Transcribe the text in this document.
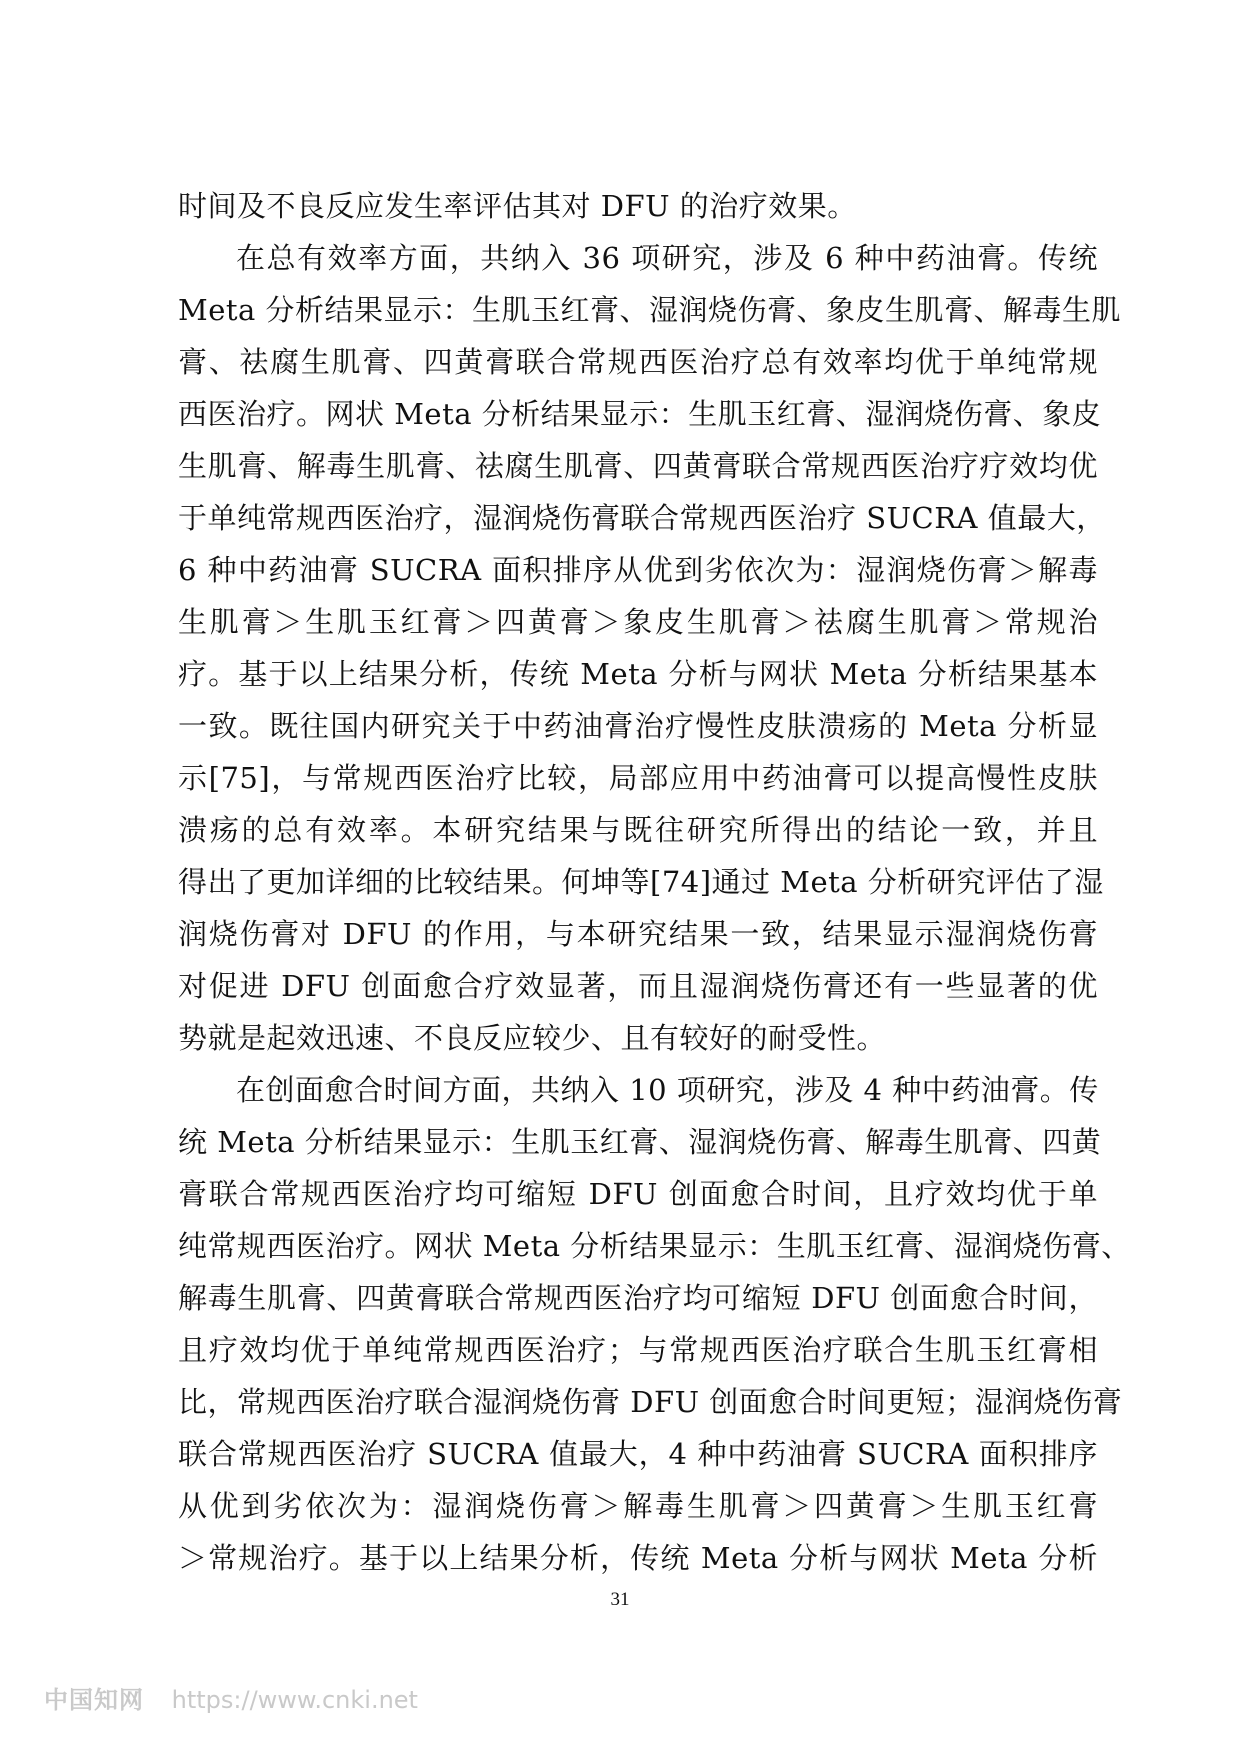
时间及不良反应发生率评估其对 DFU 的治疗效果。
在总有效率方面，共纳入 36 项研究，涉及 6 种中药油膏。传统
Meta 分析结果显示：生肌玉红膏、湿润烧伤膏、象皮生肌膏、解毒生肌
膏、祛腐生肌膏、四黄膏联合常规西医治疗总有效率均优于单纯常规
西医治疗。网状 Meta 分析结果显示：生肌玉红膏、湿润烧伤膏、象皮
生肌膏、解毒生肌膏、祛腐生肌膏、四黄膏联合常规西医治疗疗效均优
于单纯常规西医治疗，湿润烧伤膏联合常规西医治疗 SUCRA 值最大，
6 种中药油膏 SUCRA 面积排序从优到劣依次为：湿润烧伤膏＞解毒
生肌膏＞生肌玉红膏＞四黄膏＞象皮生肌膏＞祛腐生肌膏＞常规治
疗。基于以上结果分析，传统 Meta 分析与网状 Meta 分析结果基本
一致。既往国内研究关于中药油膏治疗慢性皮肤溃疡的 Meta 分析显
示[75]，与常规西医治疗比较，局部应用中药油膏可以提高慢性皮肤
溃疡的总有效率。本研究结果与既往研究所得出的结论一致，并且
得出了更加详细的比较结果。何坤等[74]通过 Meta 分析研究评估了湿
润烧伤膏对 DFU 的作用，与本研究结果一致，结果显示湿润烧伤膏
对促进 DFU 创面愈合疗效显著，而且湿润烧伤膏还有一些显著的优
势就是起效迅速、不良反应较少、且有较好的耐受性。
在创面愈合时间方面，共纳入 10 项研究，涉及 4 种中药油膏。传
统 Meta 分析结果显示：生肌玉红膏、湿润烧伤膏、解毒生肌膏、四黄
膏联合常规西医治疗均可缩短 DFU 创面愈合时间，且疗效均优于单
纯常规西医治疗。网状 Meta 分析结果显示：生肌玉红膏、湿润烧伤膏、
解毒生肌膏、四黄膏联合常规西医治疗均可缩短 DFU 创面愈合时间，
且疗效均优于单纯常规西医治疗；与常规西医治疗联合生肌玉红膏相
比，常规西医治疗联合湿润烧伤膏 DFU 创面愈合时间更短；湿润烧伤膏
联合常规西医治疗 SUCRA 值最大，4 种中药油膏 SUCRA 面积排序
从优到劣依次为：湿润烧伤膏＞解毒生肌膏＞四黄膏＞生肌玉红膏
＞常规治疗。基于以上结果分析，传统 Meta 分析与网状 Meta 分析
31
中国知网 https://www.cnki.net
